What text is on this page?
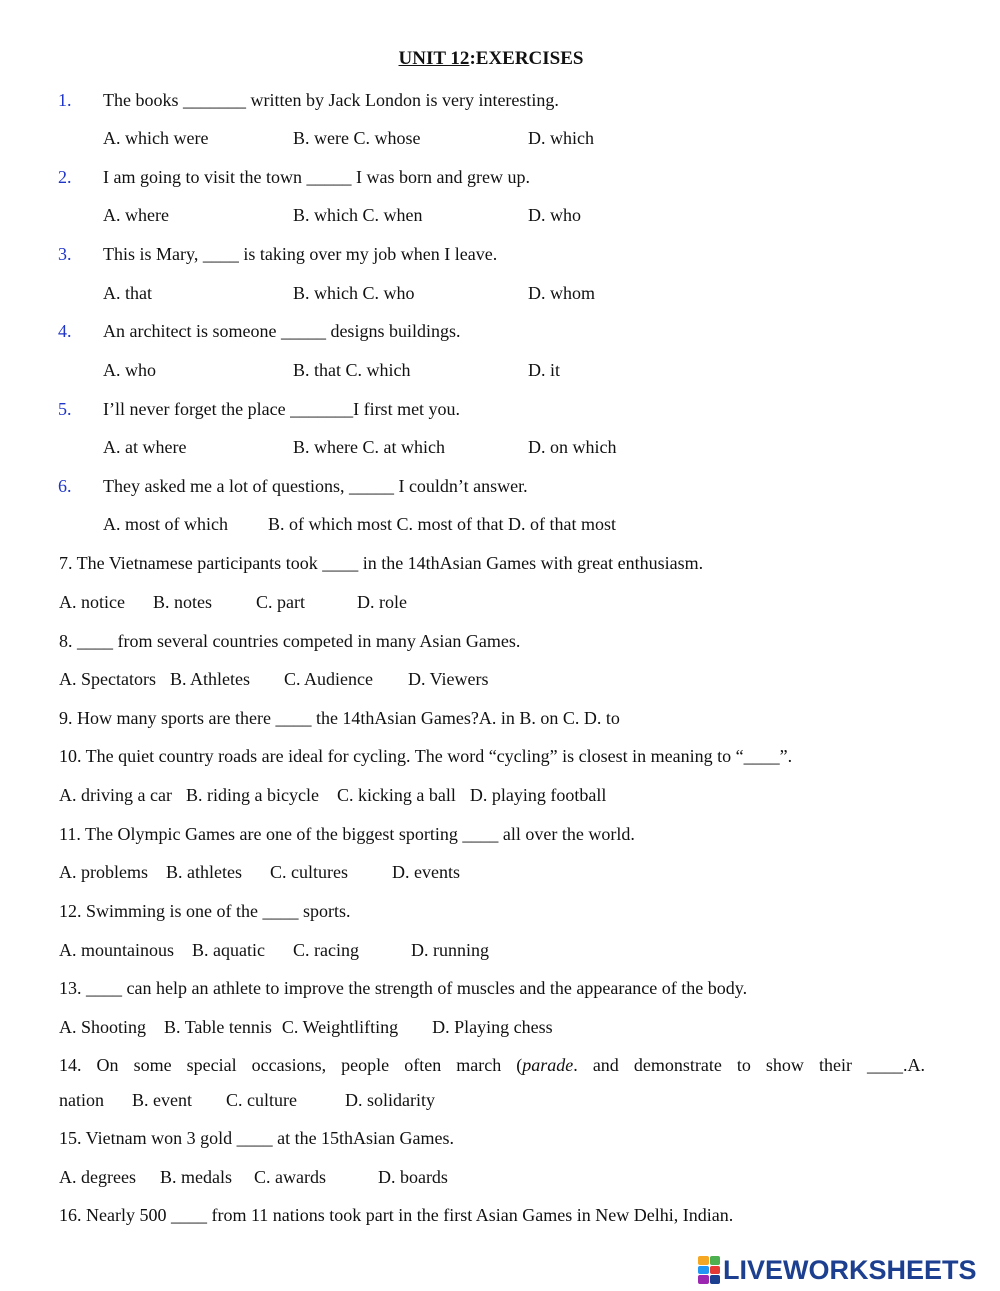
UNIT 12:EXERCISES
1. The books _______ written by Jack London is very interesting.
A. which were	B. were C. whose	D. which
2. I am going to visit the town _____ I was born and grew up.
A. where	B. which C. when	D. who
3. This is Mary, ____ is taking over my job when I leave.
A. that	B. which C. who	D. whom
4. An architect is someone _____ designs buildings.
A. who	B. that C. which	D. it
5. I’ll never forget the place _______I first met you.
A. at where	B. where C. at which	D. on which
6. They asked me a lot of questions, _____ I couldn’t answer.
A. most of which B. of which most C. most of that D. of that most
7. The Vietnamese participants took ____ in the 14thAsian Games with great enthusiasm.
A. notice B. notes C. part	D. role
8. ____ from several countries competed in many Asian Games.
A. Spectators B. Athletes C. Audience D. Viewers
9. How many sports are there ____ the 14thAsian Games?A. in B. on C. D. to
10. The quiet country roads are ideal for cycling. The word “cycling” is closest in meaning to “____”.
A. driving a car B. riding a bicycle C. kicking a ball D. playing football
11. The Olympic Games are one of the biggest sporting ____ all over the world.
A. problems B. athletes C. cultures D. events
12. Swimming is one of the ____ sports.
A. mountainous B. aquatic C. racing	D. running
13. ____ can help an athlete to improve the strength of muscles and the appearance of the body.
A. Shooting B. Table tennis C. Weightlifting D. Playing chess
14. On some special occasions, people often march (parade. and demonstrate to show their ____.A.
nation B. event C. culture	D. solidarity
15. Vietnam won 3 gold ____ at the 15thAsian Games.
A. degrees B. medals C. awards	D. boards
16. Nearly 500 ____ from 11 nations took part in the first Asian Games in New Delhi, Indian.
LIVEWORKSHEETS
